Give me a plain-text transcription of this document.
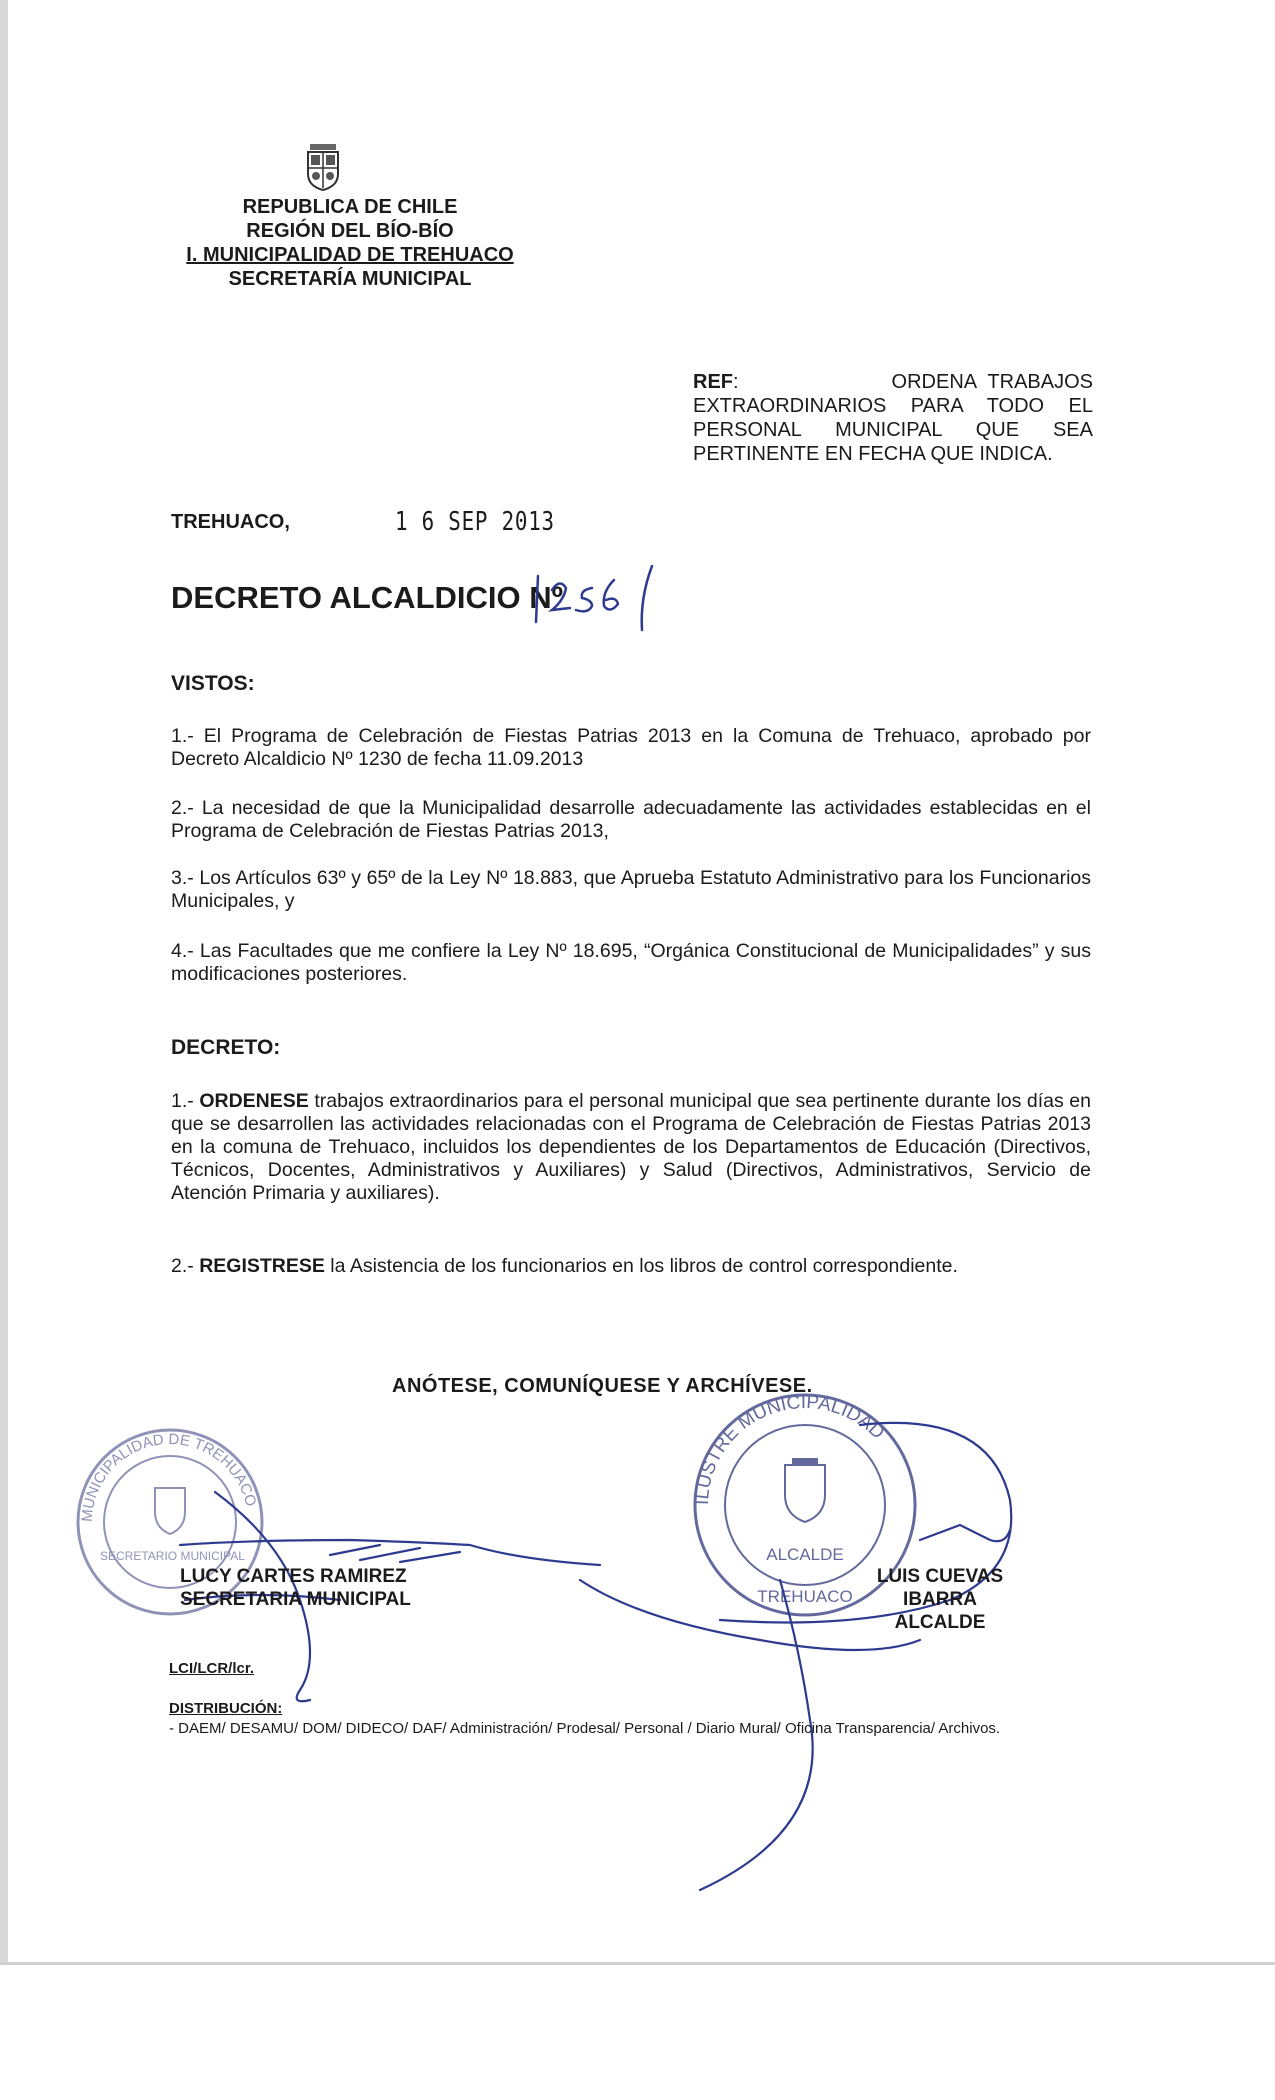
REPUBLICA DE CHILE
REGIÓN DEL BÍO-BÍO
I. MUNICIPALIDAD DE TREHUACO
SECRETARÍA MUNICIPAL
REF:             ORDENA TRABAJOS
EXTRAORDINARIOS PARA TODO EL
PERSONAL MUNICIPAL QUE SEA
PERTINENTE EN FECHA QUE INDICA.
TREHUACO,	1 6 SEP 2013
DECRETO ALCALDICIO Nº
VISTOS:
1.- El Programa de Celebración de Fiestas Patrias 2013 en la Comuna de Trehuaco, aprobado por Decreto Alcaldicio Nº 1230 de fecha 11.09.2013
2.- La necesidad de que la Municipalidad desarrolle adecuadamente las actividades establecidas en el Programa de Celebración de Fiestas Patrias 2013,
3.- Los Artículos 63º y 65º de la Ley Nº 18.883, que Aprueba Estatuto Administrativo para los Funcionarios Municipales, y
4.- Las Facultades que me confiere la Ley Nº 18.695, “Orgánica Constitucional de Municipalidades” y sus modificaciones posteriores.
DECRETO:
1.- ORDENESE trabajos extraordinarios para el personal municipal que sea pertinente durante los días en que se desarrollen las actividades relacionadas con el Programa de Celebración de Fiestas Patrias 2013 en la comuna de Trehuaco, incluidos los dependientes de los Departamentos de Educación (Directivos, Técnicos, Docentes, Administrativos y Auxiliares) y Salud (Directivos, Administrativos, Servicio de Atención Primaria y auxiliares).
2.- REGISTRESE la Asistencia de los funcionarios en los libros de control correspondiente.
ANÓTESE, COMUNÍQUESE Y ARCHÍVESE.
SECRETARIO MUNICIPAL
MUNICIPALIDAD DE TREHUACO	ILUSTRE MUNICIPALIDAD
ALCALDE
TREHUACO
LUCY CARTES RAMIREZ
SECRETARIA MUNICIPAL
LUIS CUEVAS IBARRA
ALCALDE
LCI/LCR/lcr.
DISTRIBUCIÓN:
- DAEM/ DESAMU/ DOM/ DIDECO/ DAF/ Administración/ Prodesal/ Personal / Diario Mural/ Oficina Transparencia/ Archivos.
